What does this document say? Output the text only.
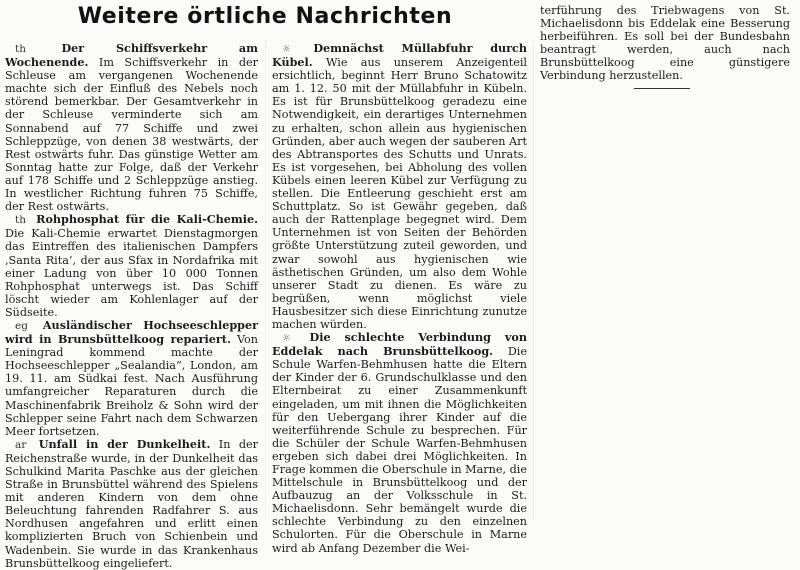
Weitere örtliche Nachrichten

th	Der Schiffsverkehr am Wochenende. Im Schiffsverkehr in der Schleuse am vergangenen Wochenende machte sich der Einfluß des Nebels noch störend bemerkbar. Der Gesamtverkehr in der Schleuse verminderte sich am Sonnabend auf 77 Schiffe und zwei Schleppzüge, von denen 38 westwärts, der Rest ostwärts fuhr. Das günstige Wetter am Sonntag hatte zur Folge, daß der Verkehr auf 178 Schiffe und 2 Schleppzüge anstieg. In westlicher Richtung fuhren 75 Schiffe, der Rest ostwärts.

th Rohphosphat für die Kali-Chemie. Die Kali-Chemie erwartet Dienstagmorgen das Eintreffen des italienischen Dampfers ‚Santa Rita‘, der aus Sfax in Nordafrika mit einer Ladung von über 10 000 Tonnen Rohphosphat unterwegs ist. Das Schiff löscht wieder am Kohlenlager auf der Südseite.

eg Ausländischer Hochseeschlepper wird in Brunsbüttelkoog repariert. Von Leningrad kommend machte der Hochseeschlepper „Sealandia“, London, am 19. 11. am Südkai fest. Nach Ausführung umfangreicher Reparaturen durch die Maschinenfabrik Breiholz & Sohn wird der Schlepper seine Fahrt nach dem Schwarzen Meer fortsetzen.

ar Unfall in der Dunkelheit. In der Reichenstraße wurde, in der Dunkelheit das Schulkind Marita Paschke aus der gleichen Straße in Brunsbüttel während des Spielens mit anderen Kindern von dem ohne Beleuchtung fahrenden Radfahrer S. aus Nordhusen angefahren und erlitt einen komplizierten Bruch von Schienbein und Wadenbein. Sie wurde in das Krankenhaus Brunsbüttelkoog eingeliefert.

☼ Demnächst Müllabfuhr durch Kübel. Wie aus unserem Anzeigenteil ersichtlich, beginnt Herr Bruno Schatowitz am 1. 12. 50 mit der Müllabfuhr in Kübeln. Es ist für Brunsbüttelkoog geradezu eine Notwendigkeit, ein derartiges Unternehmen zu erhalten, schon allein aus hygienischen Gründen, aber auch wegen der sauberen Art des Abtransportes des Schutts und Unrats. Es ist vorgesehen, bei Abholung des vollen Kübels einen leeren Kübel zur Verfügung zu stellen. Die Entleerung geschieht erst am Schuttplatz. So ist Gewähr gegeben, daß auch der Rattenplage begegnet wird. Dem Unternehmen ist von Seiten der Behörden größte Unterstützung zuteil geworden, und zwar sowohl aus hygienischen wie ästhetischen Gründen, um also dem Wohle unserer Stadt zu dienen. Es wäre zu begrüßen, wenn möglichst viele Hausbesitzer sich diese Einrichtung zunutze machen würden.

☼ Die schlechte Verbindung von Eddelak nach Brunsbüttelkoog. Die Schule Warfen-Behmhusen hatte die Eltern der Kinder der 6. Grundschulklasse und den Elternbeirat zu einer Zusammenkunft eingeladen, um mit ihnen die Möglichkeiten für den Uebergang ihrer Kinder auf die weiterführende Schule zu besprechen. Für die Schüler der Schule Warfen-Behmhusen ergeben sich dabei drei Möglichkeiten. In Frage kommen die Oberschule in Marne, die Mittelschule in Brunsbüttelkoog und der Aufbauzug an der Volksschule in St. Michaelisdonn. Sehr bemängelt wurde die schlechte Verbindung zu den einzelnen Schulorten. Für die Oberschule in Marne wird ab Anfang Dezember die Wei-

terführung des Triebwagens von St. Michaelisdonn bis Eddelak eine Besserung herbeiführen. Es soll bei der Bundesbahn beantragt werden, auch nach Brunsbüttelkoog eine günstigere Verbindung herzustellen.
